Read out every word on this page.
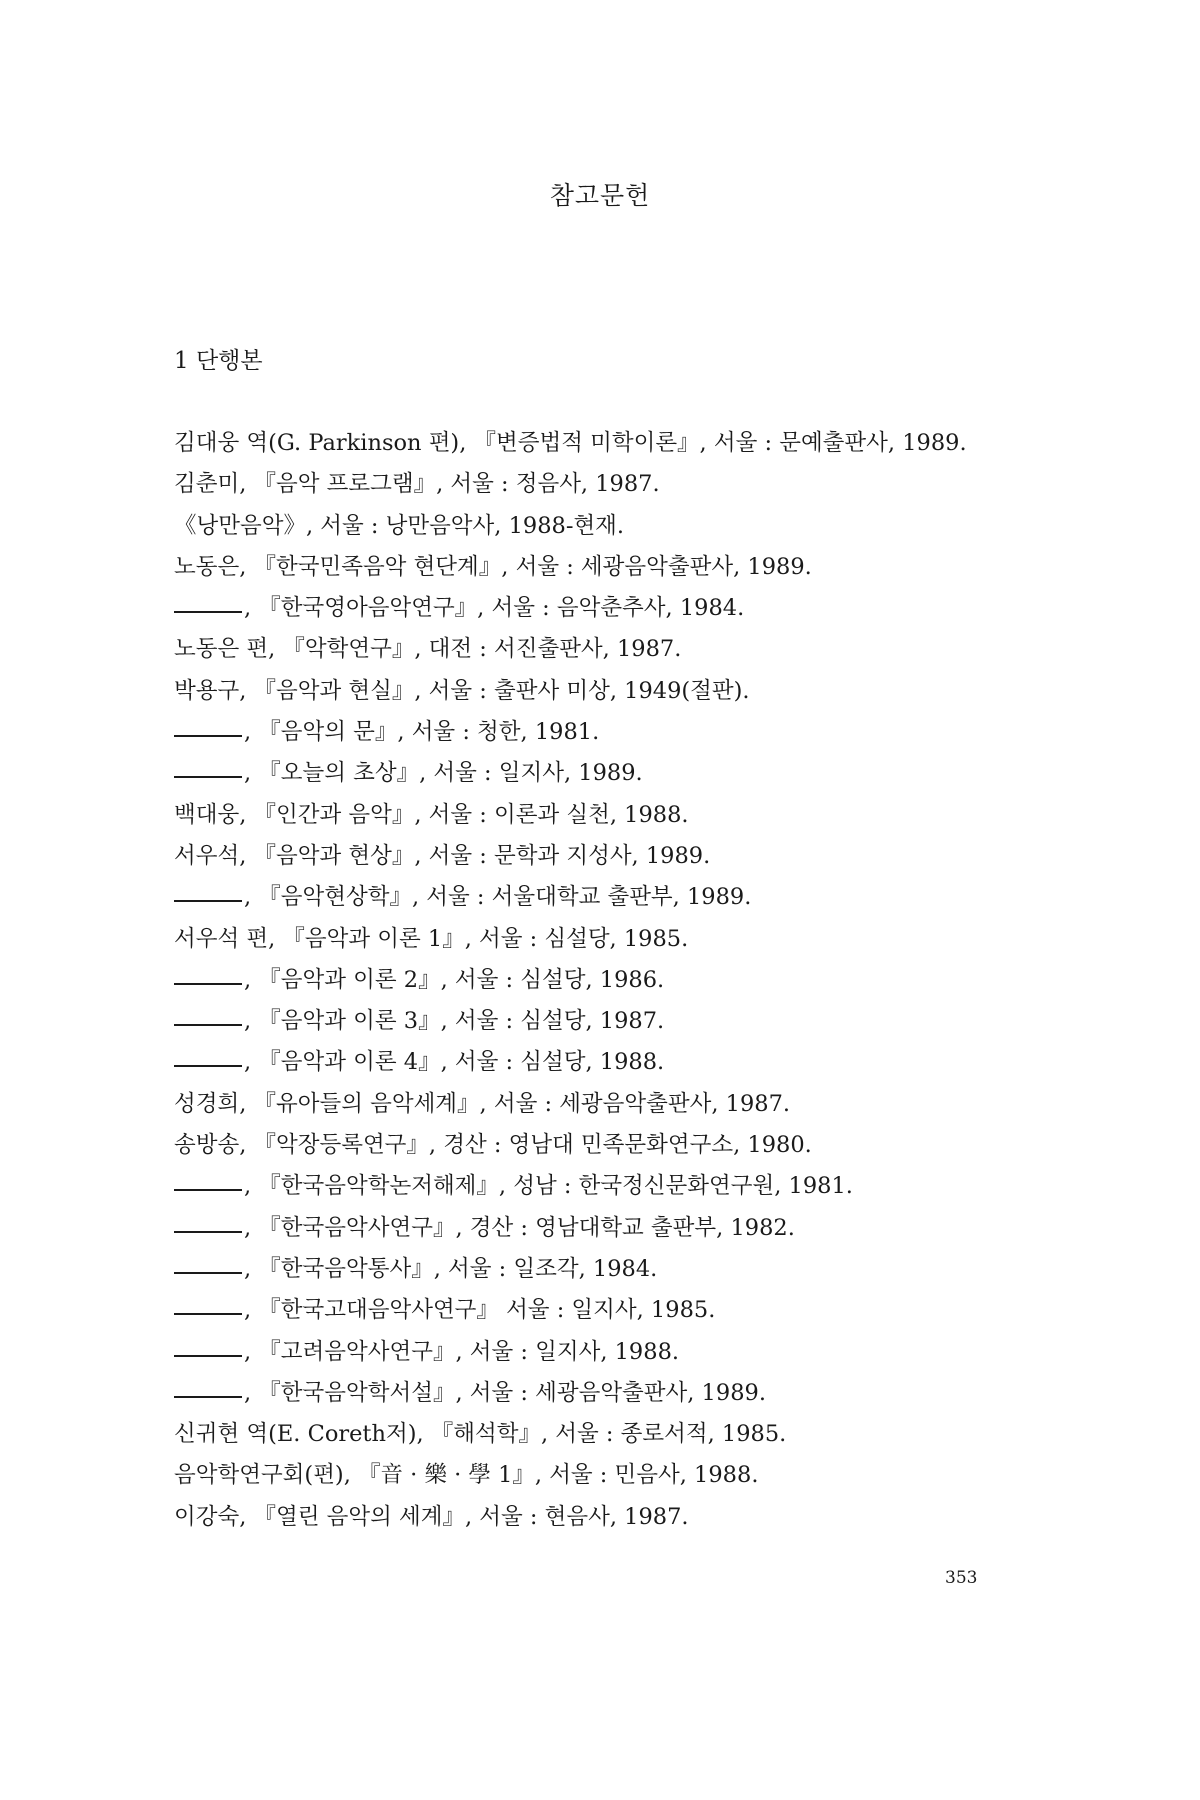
참고문헌
1 단행본
김대웅 역(G. Parkinson 편), 『변증법적 미학이론』, 서울 : 문예출판사, 1989.
김춘미, 『음악 프로그램』, 서울 : 정음사, 1987.
《낭만음악》, 서울 : 낭만음악사, 1988-현재.
노동은, 『한국민족음악 현단계』, 서울 : 세광음악출판사, 1989.
, 『한국영아음악연구』, 서울 : 음악춘추사, 1984.
노동은 편, 『악학연구』, 대전 : 서진출판사, 1987.
박용구, 『음악과 현실』, 서울 : 출판사 미상, 1949(절판).
, 『음악의 문』, 서울 : 청한, 1981.
, 『오늘의 초상』, 서울 : 일지사, 1989.
백대웅, 『인간과 음악』, 서울 : 이론과 실천, 1988.
서우석, 『음악과 현상』, 서울 : 문학과 지성사, 1989.
, 『음악현상학』, 서울 : 서울대학교 출판부, 1989.
서우석 편, 『음악과 이론 1』, 서울 : 심설당, 1985.
, 『음악과 이론 2』, 서울 : 심설당, 1986.
, 『음악과 이론 3』, 서울 : 심설당, 1987.
, 『음악과 이론 4』, 서울 : 심설당, 1988.
성경희, 『유아들의 음악세계』, 서울 : 세광음악출판사, 1987.
송방송, 『악장등록연구』, 경산 : 영남대 민족문화연구소, 1980.
, 『한국음악학논저해제』, 성남 : 한국정신문화연구원, 1981.
, 『한국음악사연구』, 경산 : 영남대학교 출판부, 1982.
, 『한국음악통사』, 서울 : 일조각, 1984.
, 『한국고대음악사연구』 서울 : 일지사, 1985.
, 『고려음악사연구』, 서울 : 일지사, 1988.
, 『한국음악학서설』, 서울 : 세광음악출판사, 1989.
신귀현 역(E. Coreth저), 『해석학』, 서울 : 종로서적, 1985.
음악학연구회(편), 『音 · 樂 · 學 1』, 서울 : 민음사, 1988.
이강숙, 『열린 음악의 세계』, 서울 : 현음사, 1987.
353
